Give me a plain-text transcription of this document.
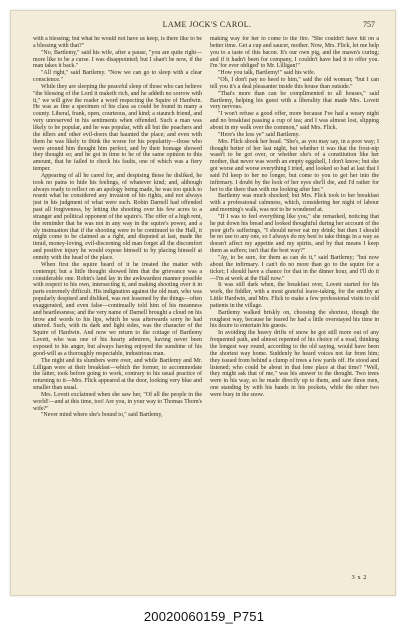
LAME JOCK'S CAROL.	757

with a blessing; but what he would not have us keep, is there like to be a blessing with that?"

"No, Bartlemy," said his wife, after a pause, "you are quite right—more like to be a curse. I was disappointed; but I shan't be now, if the man takes it back."

"All right," said Bartlemy. "Now we can go to sleep with a clear conscience."

While they are sleeping the peaceful sleep of those who can believe "the blessing of the Lord it maketh rich, and he addeth no sorrow with it," we will give the reader a word respecting the Squire of Hardwin. He was as fine a specimen of his class as could be found in many a county. Liberal, frank, open, courteous, and kind; a staunch friend, and very unreserved in his sentiments when offended. Such a man was likely to be popular, and he was popular, with all but the poachers and the idlers and other evil-doers that haunted the place; and even with them he was likely to think the worse for his popularity—those who were around him thought him perfect, and by their homage showed they thought so; and he got in time to be of the same opinion to this amount, that he failed to check his faults, one of which was a fiery temper.

Appearing of all he cared for, and despising those he disliked, he took no pains to hide his feelings, of whatever kind; and, although always ready to reflect on an apology being made, he was too quick to resent what he considered any invasion of his rights, and not always just in his judgment of what were such. Robin Darnell had offended past all forgiveness, by letting the shooting over his few acres to a stranger and political opponent of the squire's. The offer of a high rent, the reminder that he was not in any way in the squire's power, and a sly insinuation that if the shooting were to be continued to the Hall, it might come to be claimed as a right, and disputed at last, made the timid, money-loving, evil-discerning old man forget all the discomfort and positive injury he would expose himself to by placing himself at enmity with the head of the place.

When first the squire heard of it he treated the matter with contempt; but a little thought showed him that the grievance was a considerable one. Robin's land lay in the awkwardest manner possible with respect to his own, intersecting it, and making shooting over it in parts extremely difficult. His indignation against the old man, who was popularly despised and disliked, was not lessened by the things—often exaggerated, and even false—continually told him of his meanness and heartlessness; and the very name of Darnell brought a cloud on his brow and words to his lips, which he was afterwards sorry he had uttered. Such, with its dark and light sides, was the character of the Squire of Hardwin. And now we return to the cottage of Bartlemy Lovett, who was one of his hearty admirers, having never been exposed to his anger, but always having enjoyed the sunshine of his good-will as a thoroughly respectable, industrious man.

The night and its slumbers were over, and while Bartlemy and Mr. Lilligan were at their breakfast—which the former, to accommodate the latter, took before going to work, contrary to his usual practice of returning to it—Mrs. Flick appeared at the door, looking very blue and smaller than usual.

Mrs. Lovett exclaimed when she saw her, "Of all the people in the world!—and at this time, too! Are you, in your way to Thomas Thorn's wife?"

"Never mind where she's bound to," said Bartlemy,

making way for her to come to the fire. "She couldn't have hit on a better time. Get a cup and saucer, mother. Now, Mrs. Flick, let me help you to a taste of this bacon. It's our own pig, and the mawn's curing; and if it hadn't been for company, I couldn't have had it to offer you. I'm 'for ever obliged' to Mr. Lilligan!"

"How you talk, Bartlemy!" said his wife.

"Oh, I don't pay no heed to him," said the old woman; "but I can tell you it's a deal pleasanter inside this house than outside."

"That's more than can be complimented to all houses," said Bartlemy, helping his guest with a liberality that made Mrs. Lovett very nervous.

"I won't refuse a good offer, more because I've had a weary night and no breakfast passing a cup of tea; and I was almost lost, slipping about in my walk over the common," said Mrs. Flick.

"Here's the less ye" said Bartlemy.

Mrs. Flick shook her head. "She's, as you may say, in a poor way; I thought better of her last night, but whether it was that the frost-nip wasn't to be got over, or whether she's of a constitution like her mother, that never was worth an empty eggshell, I don't know; but she got worse and worse everything I tried, and looked so bad at last that I said I'd keep to her no longer, but come to you to get her into the infirmary. I doubt by the look of her eyes she'll die, and I'd rather for her to die there than with me looking after her."

Bartlemy was much shocked; but Mrs. Flick took to her breakfast with a professional calmness, which, considering her night of labour and morning's walk, was not to be wondered at.

"If I was to feel everything like you," she remarked, noticing that he put down his bread and looked thoughtful during her account of the poor girl's sufferings, "I should never eat my drink; but then I should be no use to any one, so I always do my best to take things in a way as doesn't affect my appetite and my spirits, and by that means I keep them as suffers; isn't that the best way?"

"Ay, to be sure, for them as can do it," said Bartlemy; "but now about the infirmary. I can't do no more than go to the squire for a ticket; I should have a chance for that in the dinner hour, and I'll do it—I'm at work at the Hall now."

It was still dark when, the breakfast over, Lovett started for his work, the fiddler, with a most grateful leave-taking, for the smithy at Little Hardwin, and Mrs. Flick to make a few professional visits to old patients in the village.

Bartlemy walked briskly on, choosing the shortest, though the roughest way, because he feared he had a little overstayed his time in his desire to entertain his guests.

In avoiding the heavy drifts of snow he got still more out of any frequented path, and almost repented of his choice of a road, thinking the longest way round, according to the old saying, would have been the shortest way home. Suddenly he heard voices not far from him; they issued from behind a clump of trees a few yards off. He stood and listened; who could be about in that lone place at that time? "Well, they might ask that of me," was his answer to the thought. Two trees were in his way, so he made directly up to them, and saw three men, one standing by with his hands in his pockets, while the other two were busy in the snow.

3 x 2
20020060159_P751
